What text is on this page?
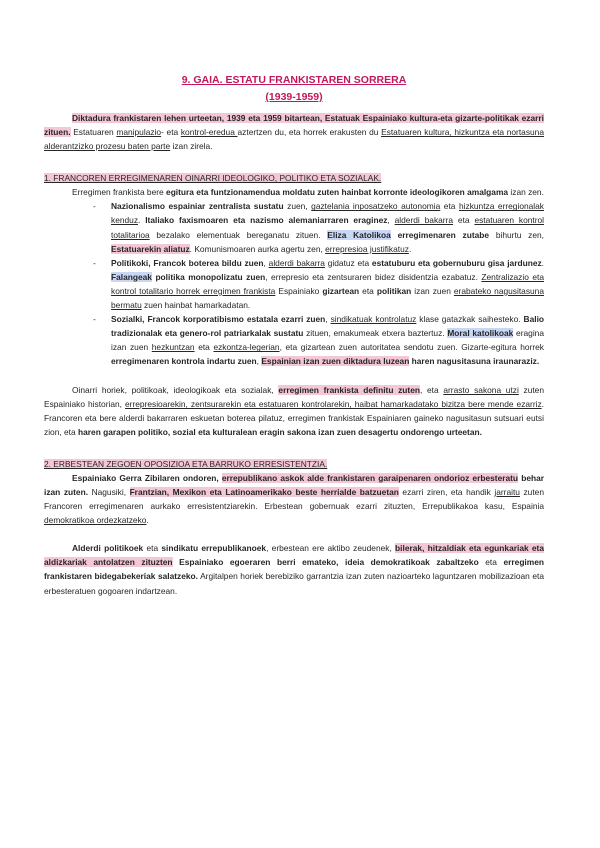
9. GAIA. ESTATU FRANKISTAREN SORRERA
(1939-1959)

Diktadura frankistaren lehen urteetan, 1939 eta 1959 bitartean, Estatuak Espainiako kultura-eta gizarte-politikak ezarri zituen. Estatuaren manipulazio- eta kontrol-eredua aztertzen du, eta horrek erakusten du Estatuaren kultura, hizkuntza eta nortasuna alderantzizko prozesu baten parte izan zirela.

1. FRANCOREN ERREGIMENAREN OINARRI IDEOLOGIKO, POLITIKO ETA SOZIALAK.

Erregimen frankista bere egitura eta funtzionamendua moldatu zuten hainbat korronte ideologikoren amalgama izan zen.

- Nazionalismo espainiar zentralista sustatu zuen, gaztelania inposatzeko autonomia eta hizkuntza erregionalak kenduz. Italiako faxismoaren eta nazismo alemaniarraren eraginez, alderdi bakarra eta estatuaren kontrol totalitarioa bezalako elementuak bereganatu zituen. Eliza Katolikoa erregimenaren zutabe bihurtu zen, Estatuarekin aliatuz. Komunismoaren aurka agertu zen, errepresioa justifikatuz.
- Politikoki, Francok boterea bildu zuen, alderdi bakarra gidatuz eta estatuburu eta gobernuburu gisa jardunez. Falangeak politika monopolizatu zuen, errepresio eta zentsuraren bidez disidentzia ezabatuz. Zentralizazio eta kontrol totalitario horrek erregimen frankista Espainiako gizartean eta politikan izan zuen erabateko nagusitasuna bermatu zuen hainbat hamarkadatan.
- Sozialki, Francok korporatibismo estatala ezarri zuen, sindikatuak kontrolatuz klase gatazkak saihesteko. Balio tradizionalak eta genero-rol patriarkalak sustatu zituen, emakumeak etxera baztertuz. Moral katolikoak eragina izan zuen hezkuntzan eta ezkontza-legerian, eta gizartean zuen autoritatea sendotu zuen. Gizarte-egitura horrek erregimenaren kontrola indartu zuen, Espainian izan zuen diktadura luzean haren nagusitasuna iraunaraziz.

Oinarri horiek, politikoak, ideologikoak eta sozialak, erregimen frankista definitu zuten, eta arrasto sakona utzi zuten Espainiako historian, errepresioarekin, zentsurarekin eta estatuaren kontrolarekin, haibat hamarkadatako bizitza bere mende ezarriz. Francoren eta bere alderdi bakarraren eskuetan boterea pilatuz, erregimen frankistak Espainiaren gaineko nagusitasun sutsuari eutsi zion, eta haren garapen politiko, sozial eta kulturalean eragin sakona izan zuen desagertu ondorengo urteetan.

2. ERBESTEAN ZEGOEN OPOSIZIOA ETA BARRUKO ERRESISTENTZIA.

Espainiako Gerra Zibilaren ondoren, errepublikano askok alde frankistaren garaipenaren ondorioz erbesteratu behar izan zuten. Nagusiki, Frantzian, Mexikon eta Latinoamerikako beste herrialde batzuetan ezarri ziren, eta handik jarraitu zuten Francoren erregimenaren aurkako erresistentziarekin. Erbestean gobernuak ezarri zituzten, Errepublikakoa kasu, Espainia demokratikoa ordezkatzeko.

Alderdi politikoek eta sindikatu errepublikanoek, erbestean ere aktibo zeudenek, bilerak, hitzaldiak eta egunkariak eta aldizkariak antolatzen zituzten Espainiako egoeraren berri emateko, ideia demokratikoak zabaltzeko eta erregimen frankistaren bidegabekeriak salatzeko. Argitalpen horiek berebiziko garrantzia izan zuten nazioarteko laguntzaren mobilizazioan eta erbesteratuen gogoaren indartzean.
